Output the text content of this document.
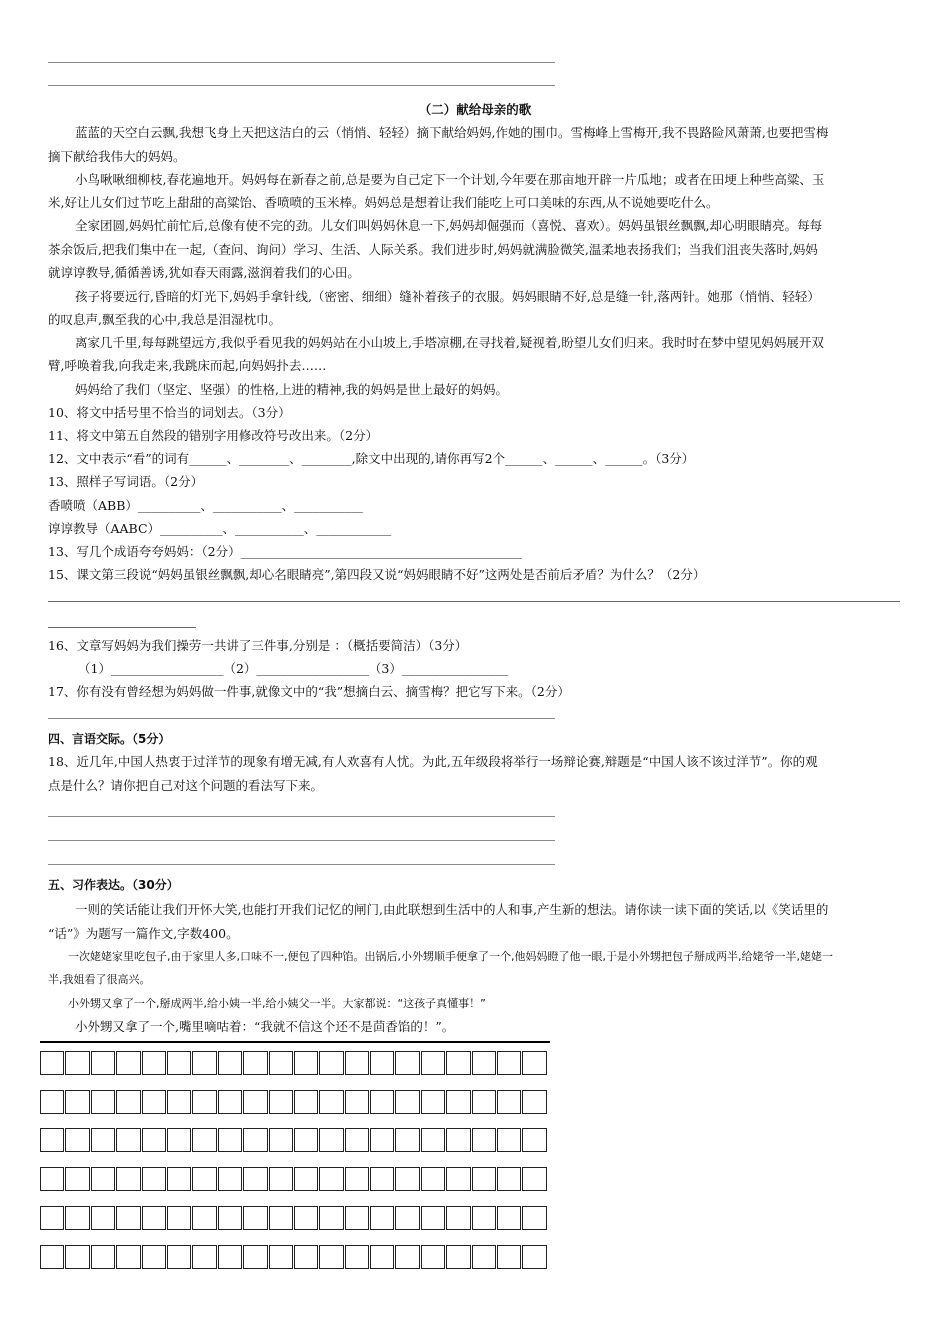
（二）献给母亲的歌
蓝蓝的天空白云飘,我想飞身上天把这洁白的云（悄悄、轻轻）摘下献给妈妈,作她的围巾。雪梅峰上雪梅开,我不畏路险风萧萧,也要把雪梅
摘下献给我伟大的妈妈。
小鸟啾啾细柳枝,春花遍地开。妈妈每在新春之前,总是要为自己定下一个计划,今年要在那亩地开辟一片瓜地；或者在田埂上种些高粱、玉
米,好让儿女们过节吃上甜甜的高粱饴、香喷喷的玉米棒。妈妈总是想着让我们能吃上可口美味的东西,从不说她要吃什么。
全家团圆,妈妈忙前忙后,总像有使不完的劲。儿女们叫妈妈休息一下,妈妈却倔强而（喜悦、喜欢）。妈妈虽银丝飘飘,却心明眼睛亮。每每
茶余饭后,把我们集中在一起,（查问、询问）学习、生活、人际关系。我们进步时,妈妈就满脸微笑,温柔地表扬我们；当我们沮丧失落时,妈妈
就谆谆教导,循循善诱,犹如春天雨露,滋润着我们的心田。
孩子将要远行,昏暗的灯光下,妈妈手拿针线,（密密、细细）缝补着孩子的衣服。妈妈眼睛不好,总是缝一针,落两针。她那（悄悄、轻轻）
的叹息声,飘至我的心中,我总是泪湿枕巾。
离家几千里,每每跳望远方,我似乎看见我的妈妈站在小山坡上,手塔凉棚,在寻找着,疑视着,盼望儿女们归来。我时时在梦中望见妈妈展开双
臂,呼唤着我,向我走来,我跳床而起,向妈妈扑去……
妈妈给了我们（坚定、坚强）的性格,上进的精神,我的妈妈是世上最好的妈妈。
10、将文中括号里不恰当的词划去。（3分）
11、将文中第五自然段的错别字用修改符号改出来。（2分）
12、文中表示“看”的词有______、________、________,除文中出现的,请你再写2个______、______、______。（3分）
13、照样子写词语。（2分）
香喷喷（ABB）__________、___________、___________
谆谆教导（AABC）__________、___________、____________
13、写几个成语夸夸妈妈：（2分）_____________________________________________
15、课文第三段说“妈妈虽银丝飘飘,却心名眼睛亮”,第四段又说“妈妈眼睛不好”这两处是否前后矛盾？为什么？（2分）
16、文章写妈妈为我们操劳一共讲了三件事,分别是 ：（概括要简洁）（3分）
（1）__________________（2）__________________（3）_________________
17、你有没有曾经想为妈妈做一件事,就像文中的“我”想摘白云、摘雪梅？把它写下来。（2分）
四、言语交际。（5分）
18、近几年,中国人热衷于过洋节的现象有增无减,有人欢喜有人忧。为此,五年级段将举行一场辩论赛,辩题是“中国人该不该过洋节”。你的观
点是什么？请你把自己对这个问题的看法写下来。
五、习作表达。（30分）
一则的笑话能让我们开怀大笑,也能打开我们记忆的闸门,由此联想到生活中的人和事,产生新的想法。请你读一读下面的笑话,以《笑话里的
“话”》为题写一篇作文,字数400。
一次姥姥家里吃包子,由于家里人多,口味不一,便包了四种馅。出锅后,小外甥顺手便拿了一个,他妈妈瞪了他一眼,于是小外甥把包子掰成两半,给姥爷一半,姥姥一
半,我姐看了很高兴。
小外甥又拿了一个,掰成两半,给小姨一半,给小姨父一半。大家都说：“这孩子真懂事！”
小外甥又拿了一个,嘴里嘀咕着：“我就不信这个还不是茴香馅的！”。
